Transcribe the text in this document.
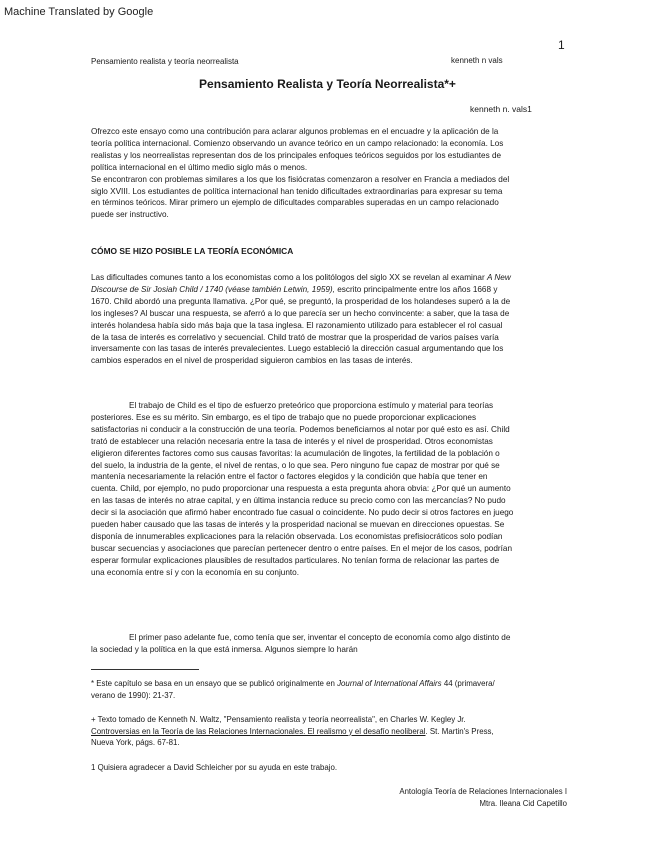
Machine Translated by Google
1
Pensamiento realista y teoría neorrealista	kenneth n vals
Pensamiento Realista y Teoría Neorrealista*+
kenneth n. vals1
Ofrezco este ensayo como una contribución para aclarar algunos problemas en el encuadre y la aplicación de la
teoría política internacional. Comienzo observando un avance teórico en un campo relacionado: la economía. Los
realistas y los neorrealistas representan dos de los principales enfoques teóricos seguidos por los estudiantes de
política internacional en el último medio siglo más o menos.
Se encontraron con problemas similares a los que los fisiócratas comenzaron a resolver en Francia a mediados del
siglo XVIII. Los estudiantes de política internacional han tenido dificultades extraordinarias para expresar su tema
en términos teóricos. Mirar primero un ejemplo de dificultades comparables superadas en un campo relacionado
puede ser instructivo.
CÓMO SE HIZO POSIBLE LA TEORÍA ECONÓMICA
Las dificultades comunes tanto a los economistas como a los politólogos del siglo XX se revelan al examinar A New
Discourse de Sir Josiah Child / 1740 (véase también Letwin, 1959), escrito principalmente entre los años 1668 y
1670. Child abordó una pregunta llamativa. ¿Por qué, se preguntó, la prosperidad de los holandeses superó a la de
los ingleses? Al buscar una respuesta, se aferró a lo que parecía ser un hecho convincente: a saber, que la tasa de
interés holandesa había sido más baja que la tasa inglesa. El razonamiento utilizado para establecer el rol casual
de la tasa de interés es correlativo y secuencial. Child trató de mostrar que la prosperidad de varios países varía
inversamente con las tasas de interés prevalecientes. Luego estableció la dirección casual argumentando que los
cambios esperados en el nivel de prosperidad siguieron cambios en las tasas de interés.
El trabajo de Child es el tipo de esfuerzo preteórico que proporciona estímulo y material para teorías
posteriores. Ese es su mérito. Sin embargo, es el tipo de trabajo que no puede proporcionar explicaciones
satisfactorias ni conducir a la construcción de una teoría. Podemos beneficiarnos al notar por qué esto es así. Child
trató de establecer una relación necesaria entre la tasa de interés y el nivel de prosperidad. Otros economistas
eligieron diferentes factores como sus causas favoritas: la acumulación de lingotes, la fertilidad de la población o
del suelo, la industria de la gente, el nivel de rentas, o lo que sea. Pero ninguno fue capaz de mostrar por qué se
mantenía necesariamente la relación entre el factor o factores elegidos y la condición que había que tener en
cuenta. Child, por ejemplo, no pudo proporcionar una respuesta a esta pregunta ahora obvia: ¿Por qué un aumento
en las tasas de interés no atrae capital, y en última instancia reduce su precio como con las mercancías? No pudo
decir si la asociación que afirmó haber encontrado fue casual o coincidente. No pudo decir si otros factores en juego
pueden haber causado que las tasas de interés y la prosperidad nacional se muevan en direcciones opuestas. Se
disponía de innumerables explicaciones para la relación observada. Los economistas prefisiocráticos solo podían
buscar secuencias y asociaciones que parecían pertenecer dentro o entre países. En el mejor de los casos, podrían
esperar formular explicaciones plausibles de resultados particulares. No tenían forma de relacionar las partes de
una economía entre sí y con la economía en su conjunto.
El primer paso adelante fue, como tenía que ser, inventar el concepto de economía como algo distinto de
la sociedad y la política en la que está inmersa. Algunos siempre lo harán
* Este capítulo se basa en un ensayo que se publicó originalmente en Journal of International Affairs 44 (primavera/
verano de 1990): 21-37.
+ Texto tomado de Kenneth N. Waltz, "Pensamiento realista y teoría neorrealista", en Charles W. Kegley Jr.
Controversias en la Teoría de las Relaciones Internacionales. El realismo y el desafío neoliberal. St. Martin's Press,
Nueva York, págs. 67-81.
1 Quisiera agradecer a David Schleicher por su ayuda en este trabajo.
Antología Teoría de Relaciones Internacionales I
Mtra. Ileana Cid Capetillo
